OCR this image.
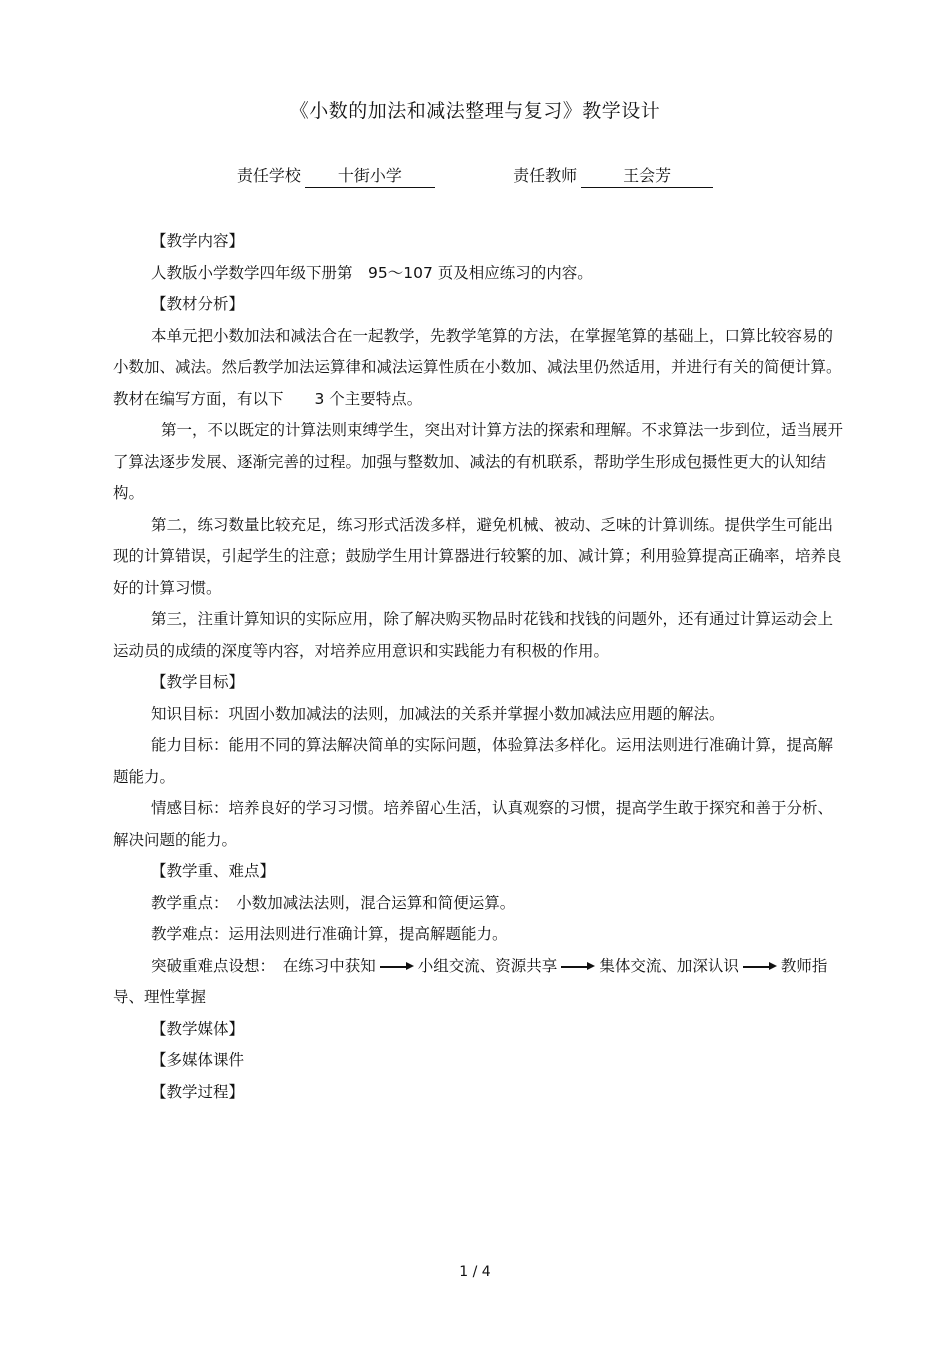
《小数的加法和减法整理与复习》教学设计
责任学校 十街小学	责任教师	王会芳

【教学内容】

人教版小学数学四年级下册第　95～107 页及相应练习的内容。

【教材分析】

本单元把小数加法和减法合在一起教学，先教学笔算的方法，在掌握笔算的基础上，口算比较容易的小数加、减法。然后教学加法运算律和减法运算性质在小数加、减法里仍然适用，并进行有关的简便计算。教材在编写方面，有以下　　3 个主要特点。

第一，不以既定的计算法则束缚学生，突出对计算方法的探索和理解。不求算法一步到位，适当展开了算法逐步发展、逐渐完善的过程。加强与整数加、减法的有机联系，帮助学生形成包摄性更大的认知结构。

第二，练习数量比较充足，练习形式活泼多样，避免机械、被动、乏味的计算训练。提供学生可能出现的计算错误，引起学生的注意；鼓励学生用计算器进行较繁的加、减计算；利用验算提高正确率，培养良好的计算习惯。

第三，注重计算知识的实际应用，除了解决购买物品时花钱和找钱的问题外，还有通过计算运动会上运动员的成绩的深度等内容，对培养应用意识和实践能力有积极的作用。

【教学目标】

知识目标：巩固小数加减法的法则，加减法的关系并掌握小数加减法应用题的解法。

能力目标：能用不同的算法解决简单的实际问题，体验算法多样化。运用法则进行准确计算，提高解题能力。

情感目标：培养良好的学习习惯。培养留心生活，认真观察的习惯，提高学生敢于探究和善于分析、解决问题的能力。

【教学重、难点】

教学重点：　小数加减法法则，混合运算和简便运算。

教学难点：运用法则进行准确计算，提高解题能力。

突破重难点设想：　 在练习中获知	小组交流、资源共享	集体交流、加深认识	教师指导、理性掌握

【教学媒体】

【多媒体课件

【教学过程】

1 / 4
